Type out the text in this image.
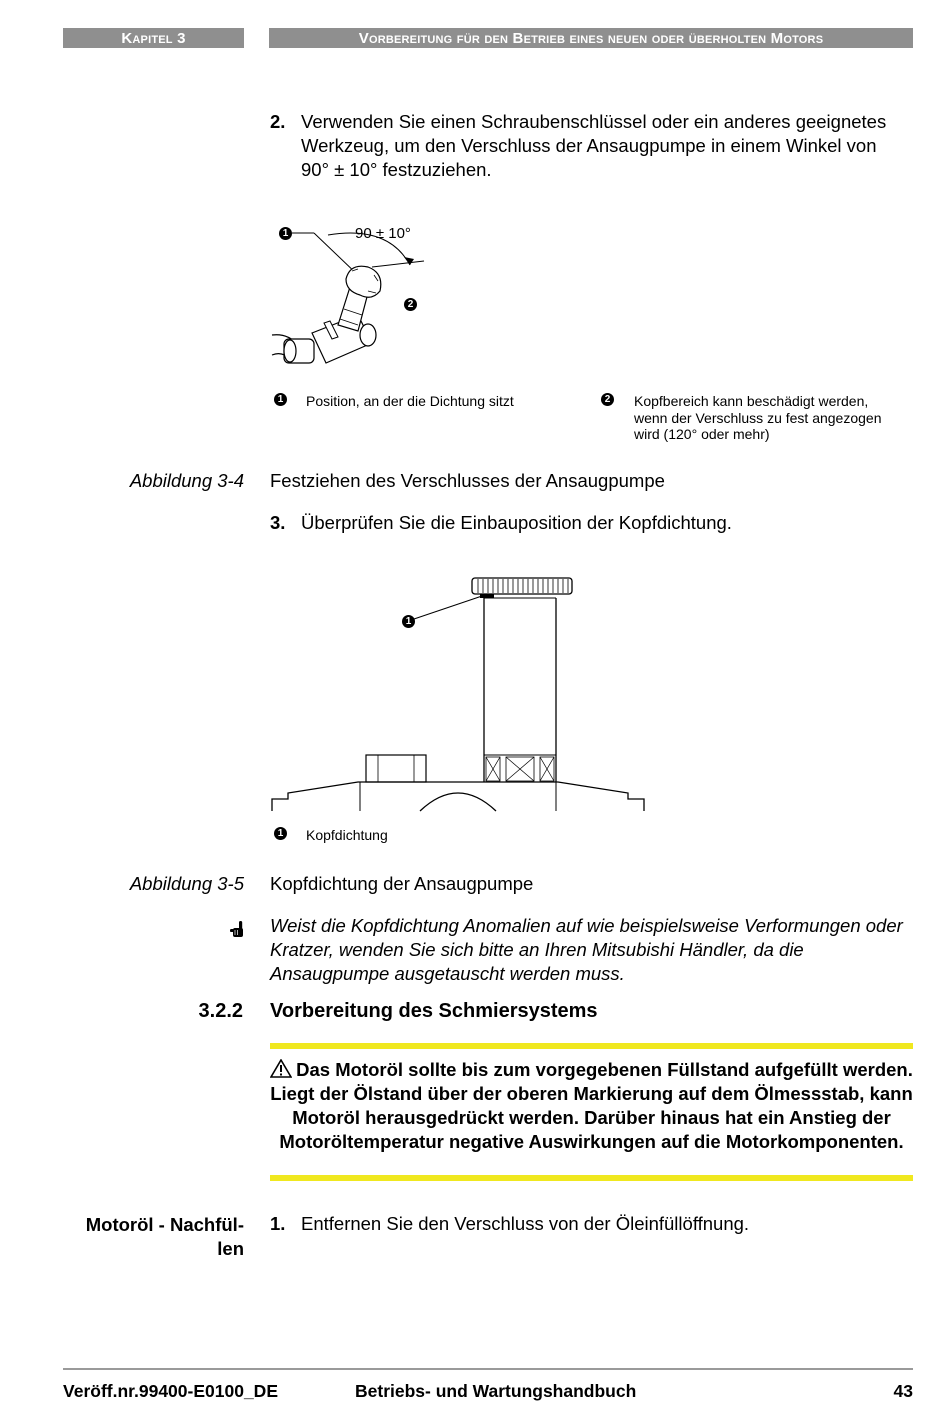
Kapitel 3	Vorbereitung für den Betrieb eines neuen oder überholten Motors
2. Verwenden Sie einen Schraubenschlüssel oder ein anderes geeignetes Werkzeug, um den Verschluss der Ansaugpumpe in einem Winkel von 90° ± 10° festzuziehen.
1	90 ± 10°
2
1 Position, an der die Dichtung sitzt	2 Kopfbereich kann beschädigt werden, wenn der Verschluss zu fest angezogen wird (120° oder mehr)
Abbildung 3-4 Festziehen des Verschlusses der Ansaugpumpe
3. Überprüfen Sie die Einbauposition der Kopfdichtung.
1
1 Kopfdichtung
Abbildung 3-5 Kopfdichtung der Ansaugpumpe
Weist die Kopfdichtung Anomalien auf wie beispielsweise Verformungen oder Kratzer, wenden Sie sich bitte an Ihren Mitsubishi Händler, da die Ansaugpumpe ausgetauscht werden muss.
3.2.2 Vorbereitung des Schmiersystems
Das Motoröl sollte bis zum vorgegebenen Füllstand aufgefüllt werden. Liegt der Ölstand über der oberen Markierung auf dem Ölmessstab, kann Motoröl herausgedrückt werden. Darüber hinaus hat ein Anstieg der Motoröltemperatur negative Auswirkungen auf die Motorkomponenten.
Motoröl - Nachfül-
len
1. Entfernen Sie den Verschluss von der Öleinfüllöffnung.
Veröff.nr.99400-E0100_DE	Betriebs- und Wartungshandbuch	43
